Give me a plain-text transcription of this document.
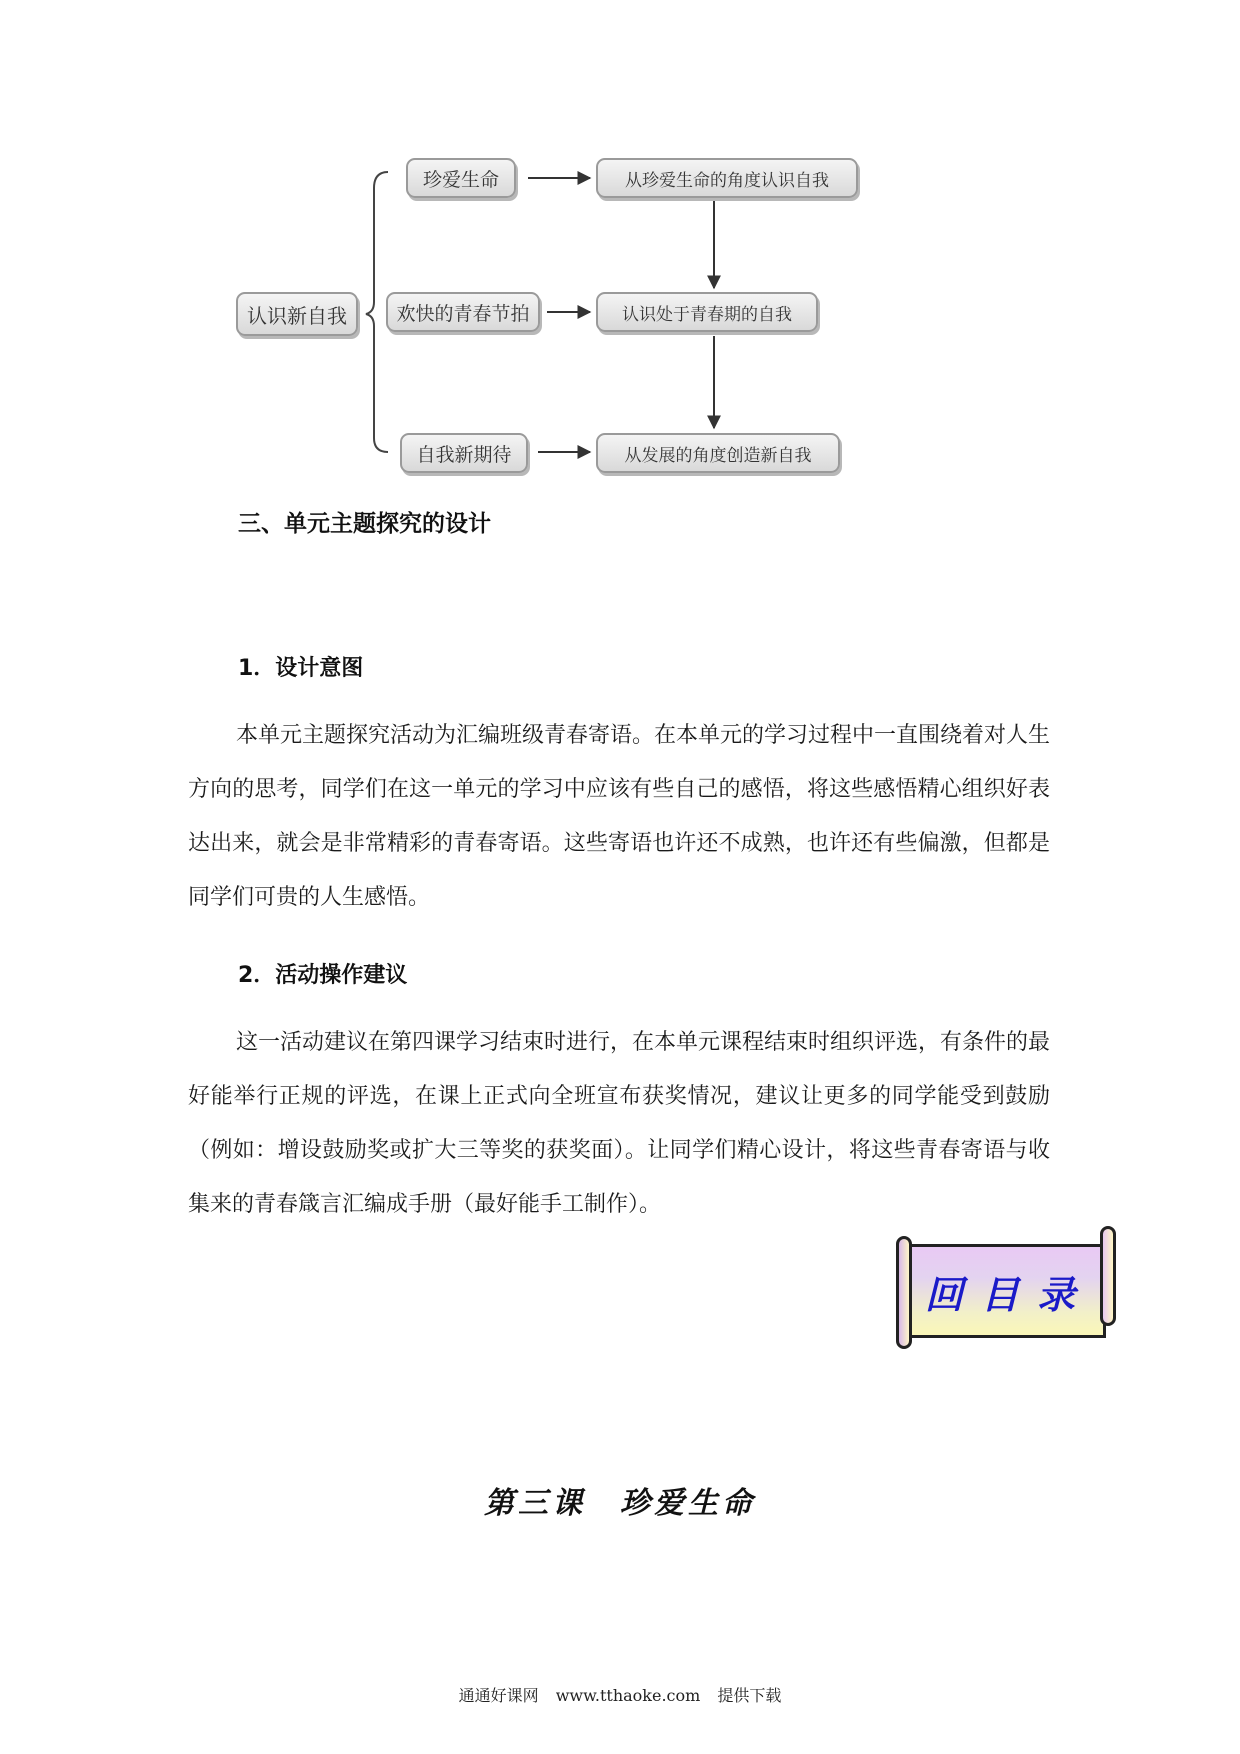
认识新自我
珍爱生命
欢快的青春节拍
自我新期待
从珍爱生命的角度认识自我
认识处于青春期的自我
从发展的角度创造新自我
三、单元主题探究的设计
1．设计意图

本单元主题探究活动为汇编班级青春寄语。在本单元的学习过程中一直围绕着对人生方向的思考，同学们在这一单元的学习中应该有些自己的感悟，将这些感悟精心组织好表达出来，就会是非常精彩的青春寄语。这些寄语也许还不成熟，也许还有些偏激，但都是同学们可贵的人生感悟。

2．活动操作建议

这一活动建议在第四课学习结束时进行，在本单元课程结束时组织评选，有条件的最好能举行正规的评选，在课上正式向全班宣布获奖情况，建议让更多的同学能受到鼓励（例如：增设鼓励奖或扩大三等奖的获奖面）。让同学们精心设计，将这些青春寄语与收集来的青春箴言汇编成手册（最好能手工制作）。

回目录
第三课 珍爱生命
通通好课网 www.tthaoke.com 提供下载
